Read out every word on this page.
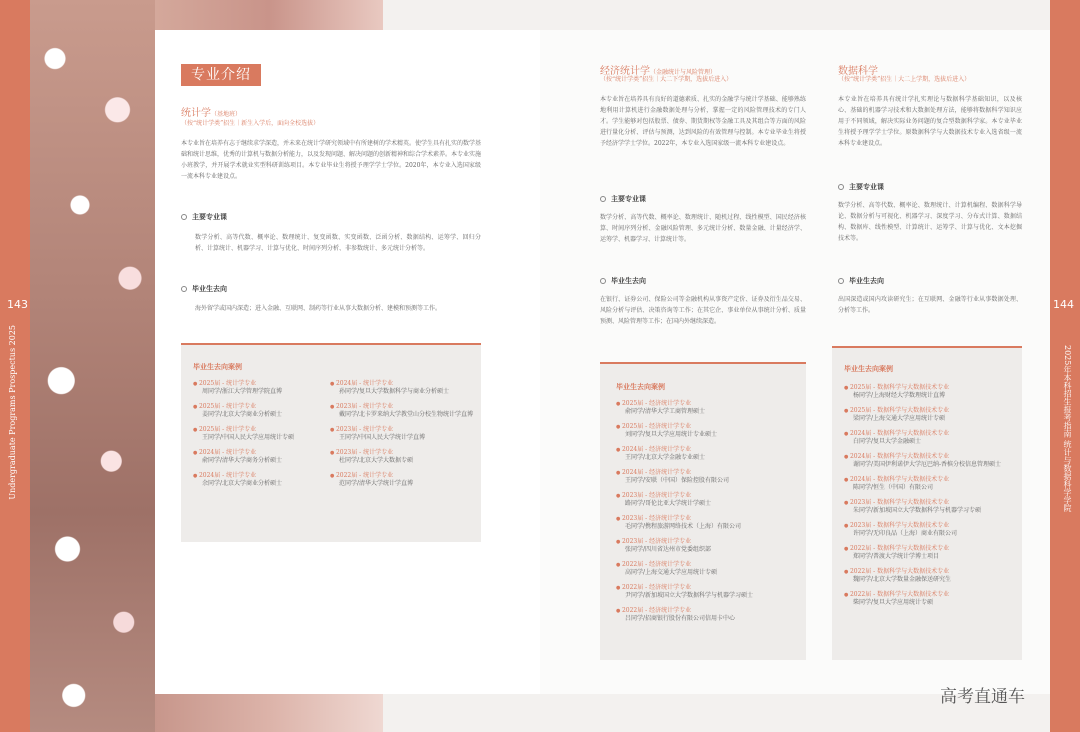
143	144
Undergraduate Programs Prospectus 2025	2025年本科招生报考指南 统计与数据科学学院
专业介绍
统计学（基地班）
（按“统计学类”招生｜新生入学后，面向全校选拔）
本专业旨在培养有志于继续求学深造，并未来在统计学研究领域中有所建树的学术精英。使学生具有扎实的数学基础和统计思维，优秀的计算机与数据分析能力，以及发现问题、解决问题的创新精神和综合学术素养。本专业实施小班教学，并开展学术就业实型科研训练项目。本专业毕业生将授予理学学士学位。2020年，本专业入选国家级一流本科专业建设点。
主要专业课
数学分析、高等代数、概率论、数理统计、复变函数、实变函数、泛函分析、数据结构、运筹学、回归分析、计算统计、机器学习、计算与优化、时间序列分析、非参数统计、多元统计分析等。
毕业生去向
海外留学或国内深造；进入金融、互联网、制药等行业从事大数据分析、建模和预测等工作。
毕业生去向案例
● 2025届 - 统计学专业
周同学/浙江大学管理学院直博
● 2025届 - 统计学专业
姜同学/北京大学商业分析硕士
● 2025届 - 统计学专业
王同学/中国人民大学应用统计专硕
● 2024届 - 统计学专业
俞同学/清华大学商务分析硕士
● 2024届 - 统计学专业
余同学/北京大学商业分析硕士
● 2024届 - 统计学专业
孙同学/复旦大学数据科学与商业分析硕士
● 2023届 - 统计学专业
戴同学/北卡罗来纳大学教堂山分校生物统计学直博
● 2023届 - 统计学专业
王同学/中国人民大学统计学直博
● 2023届 - 统计学专业
杜同学/北京大学大数据专硕
● 2022届 - 统计学专业
范同学/清华大学统计学直博
经济统计学（金融统计与风险管理）
（按“统计学类”招生｜大二下学期，选拔后进入）
本专业旨在培养具有良好的道德素质、扎实的金融学与统计学基础、能够熟练地利用计算机进行金融数据处理与分析，掌握一定的风险管理技术的专门人才。学生能够对包括股票、债券、期货期权等金融工具及其组合等方面的风险进行量化分析、评估与预测，达到风险的有效管理与控制。本专业毕业生将授予经济学学士学位。2022年，本专业入选国家级一流本科专业建设点。
主要专业课
数学分析、高等代数、概率论、数理统计、随机过程、线性模型、国民经济核算、时间序列分析、金融风险管理、多元统计分析、数量金融、计量经济学、运筹学、机器学习、计算统计等。
毕业生去向
在银行、证券公司、保险公司等金融机构从事资产定价、证券及衍生品交易、风险分析与评估、决策咨询等工作；在其它企、事业单位从事统计分析、质量预测、风险管理等工作；在国内外继续深造。
毕业生去向案例
● 2025届 - 经济统计学专业
俞同学/清华大学工商管理硕士
● 2025届 - 经济统计学专业
刘同学/复旦大学应用统计专业硕士
● 2024届 - 经济统计学专业
王同学/北京大学金融专业硕士
● 2024届 - 经济统计学专业
王同学/安联（中国）保险控股有限公司
● 2023届 - 经济统计学专业
路同学/哥伦比亚大学统计学硕士
● 2023届 - 经济统计学专业
毛同学/携程旅游网络技术（上海）有限公司
● 2023届 - 经济统计学专业
张同学/四川省达州市党委组织部
● 2022届 - 经济统计学专业
高同学/上海交通大学应用统计专硕
● 2022届 - 经济统计学专业
尹同学/新加坡国立大学数据科学与机器学习硕士
● 2022届 - 经济统计学专业
吕同学/招商银行股份有限公司信用卡中心
数据科学
（按“统计学类”招生｜大二上学期，选拔后进入）
本专业旨在培养具有统计学扎实理论与数据科学基础知识，以及核心、基础的机器学习技术和大数据处理方法，能够将数据科学知识应用于不同领域，解决实际业务问题的复合型数据科学家。本专业毕业生将授予理学学士学位。原数据科学与大数据技术专业入选省级一流本科专业建设点。
主要专业课
数学分析、高等代数、概率论、数理统计、计算机编程、数据科学导论、数据分析与可视化、机器学习、深度学习、分布式计算、数据结构、数据库、线性模型、计算统计、运筹学、计算与优化、文本挖掘技术等。
毕业生去向
出国深造或国内攻读研究生；在互联网、金融等行业从事数据处理、分析等工作。
毕业生去向案例
● 2025届 - 数据科学与大数据技术专业
杨同学/上海财经大学数理统计直博
● 2025届 - 数据科学与大数据技术专业
梁同学/上海交通大学应用统计专硕
● 2024届 - 数据科学与大数据技术专业
白同学/复旦大学金融硕士
● 2024届 - 数据科学与大数据技术专业
谢同学/美国伊利诺伊大学厄巴纳-香槟分校信息管理硕士
● 2024届 - 数据科学与大数据技术专业
陈同学/恒生（中国）有限公司
● 2023届 - 数据科学与大数据技术专业
朱同学/新加坡国立大学数据科学与机器学习专硕
● 2023届 - 数据科学与大数据技术专业
许同学/无印良品（上海）商业有限公司
● 2022届 - 数据科学与大数据技术专业
郑同学/普渡大学统计学博士项目
● 2022届 - 数据科学与大数据技术专业
魏同学/北京大学数量金融保送研究生
● 2022届 - 数据科学与大数据技术专业
柴同学/复旦大学应用统计专硕
高考直通车
